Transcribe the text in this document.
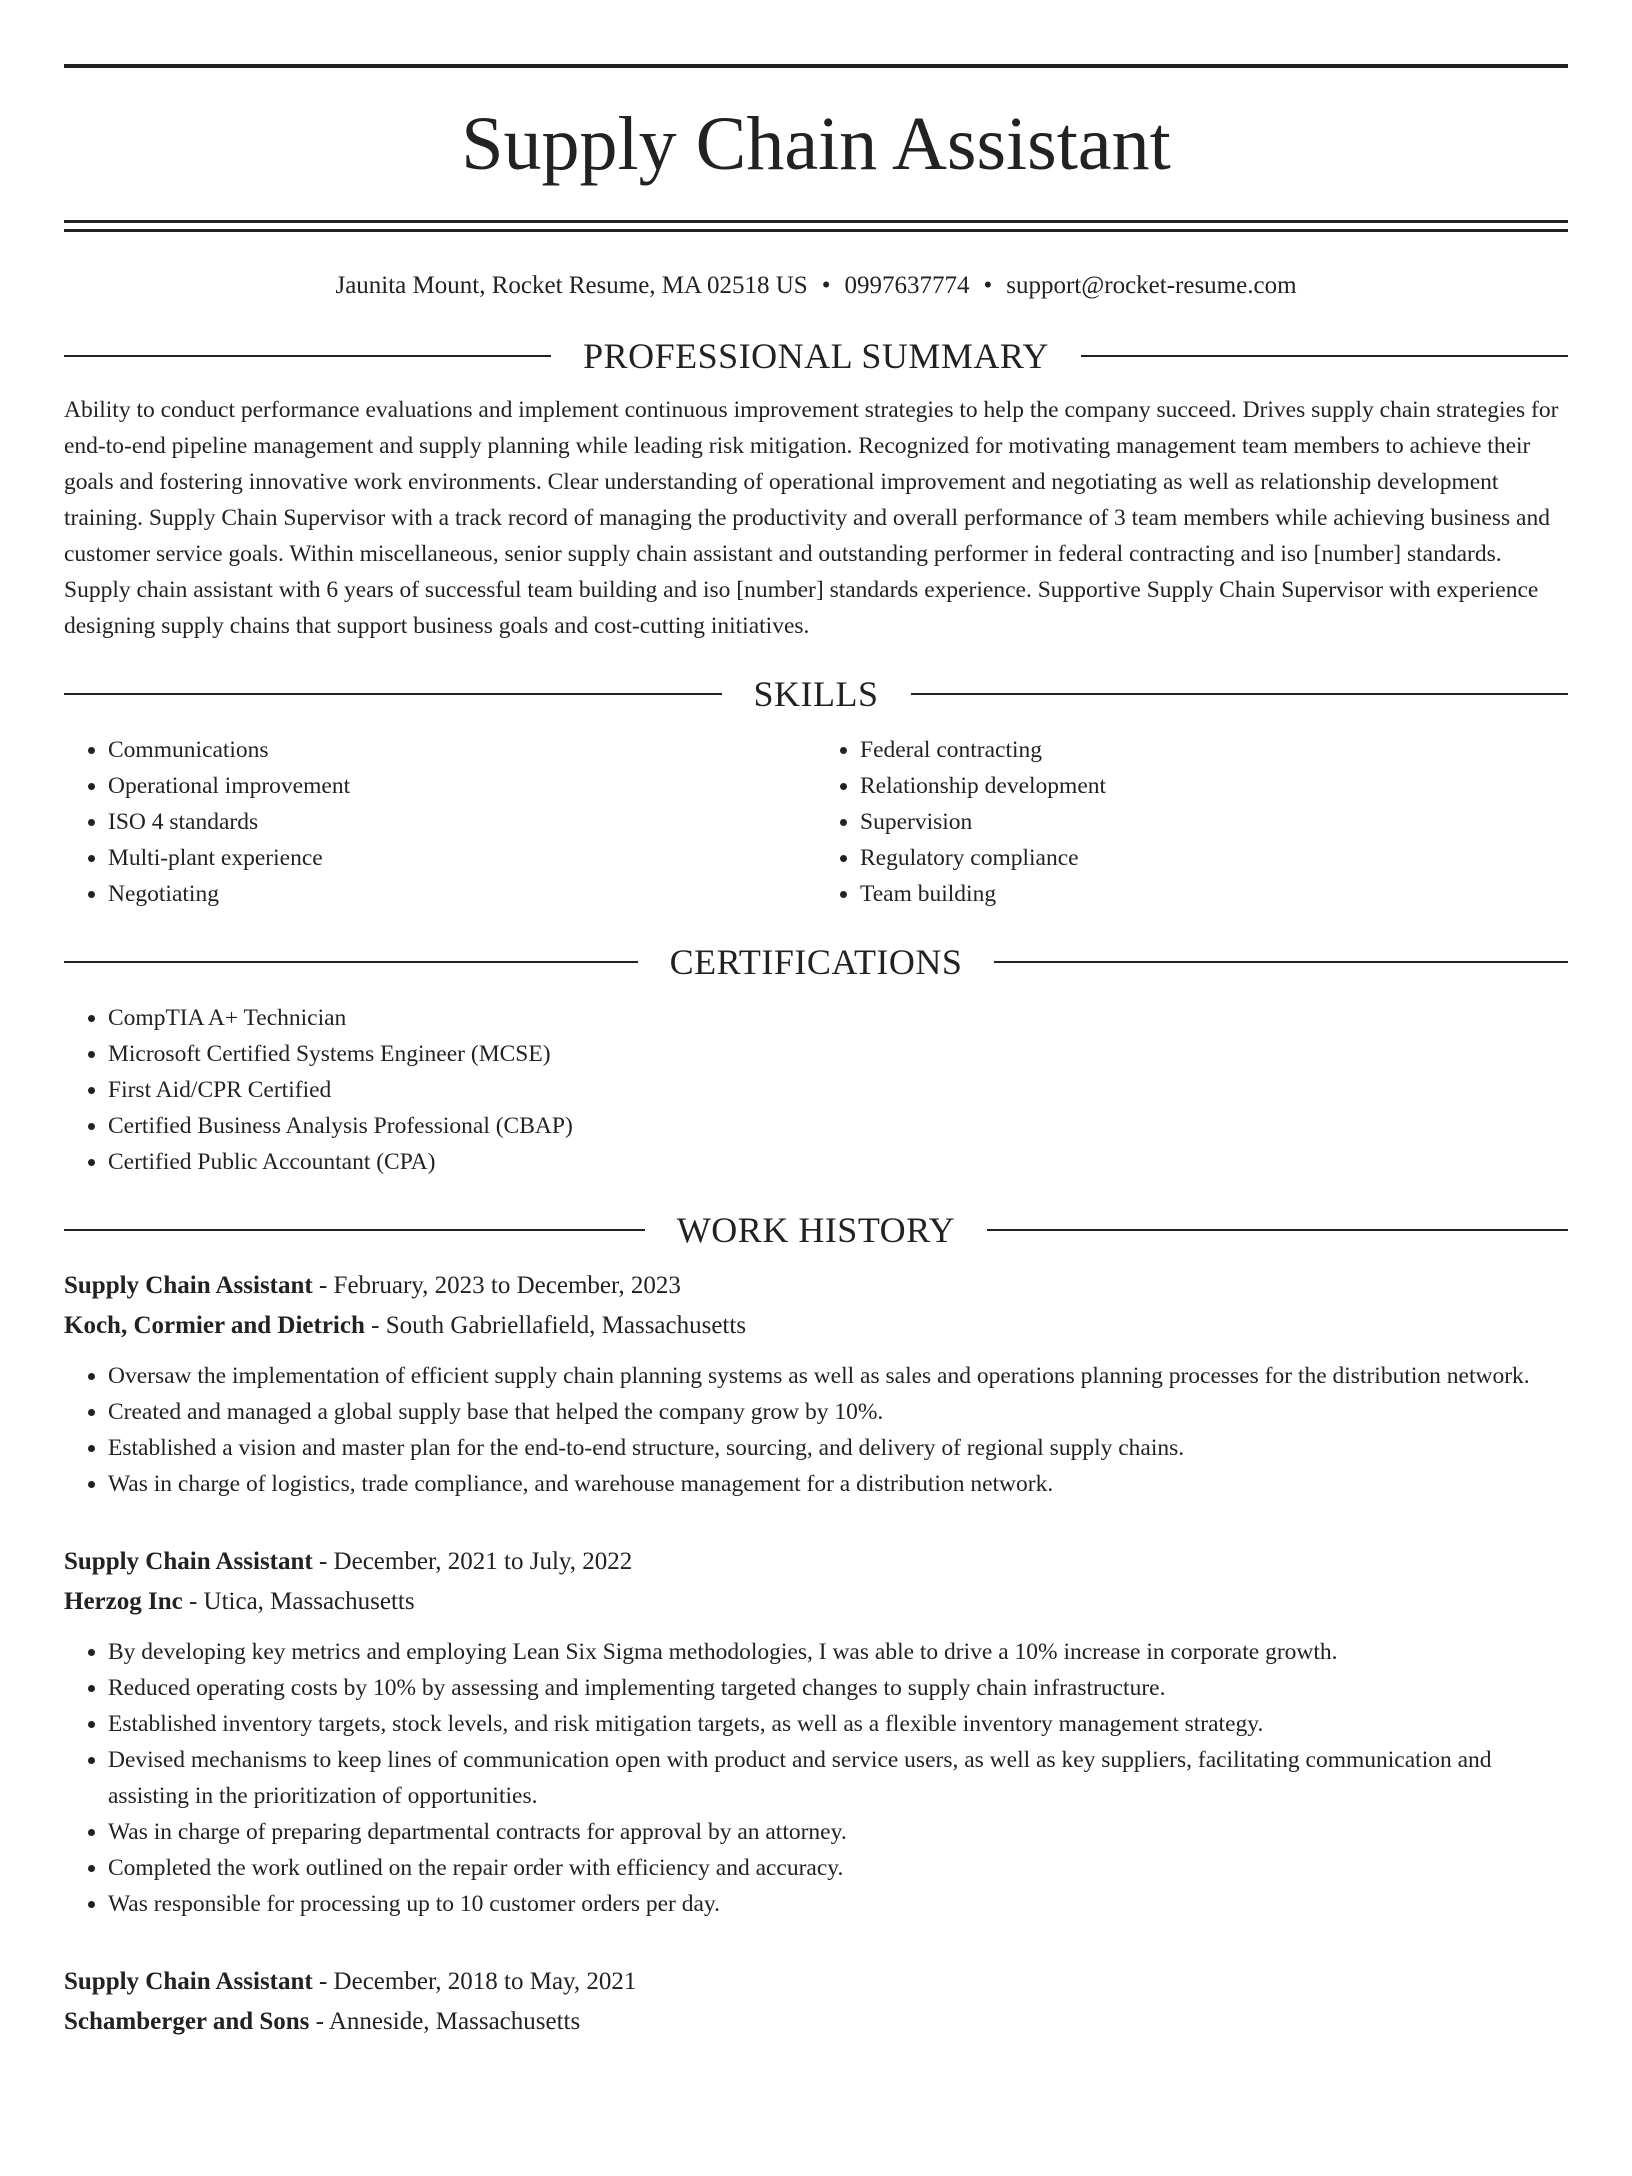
Supply Chain Assistant
Jaunita Mount, Rocket Resume, MA 02518 US • 0997637774 • support@rocket-resume.com
PROFESSIONAL SUMMARY

Ability to conduct performance evaluations and implement continuous improvement strategies to help the company succeed. Drives supply chain strategies for end-to-end pipeline management and supply planning while leading risk mitigation. Recognized for motivating management team members to achieve their goals and fostering innovative work environments. Clear understanding of operational improvement and negotiating as well as relationship development training. Supply Chain Supervisor with a track record of managing the productivity and overall performance of 3 team members while achieving business and customer service goals. Within miscellaneous, senior supply chain assistant and outstanding performer in federal contracting and iso [number] standards. Supply chain assistant with 6 years of successful team building and iso [number] standards experience. Supportive Supply Chain Supervisor with experience designing supply chains that support business goals and cost-cutting initiatives.

SKILLS
• Communications
• Operational improvement
• ISO 4 standards
• Multi-plant experience
• Negotiating
• Federal contracting
• Relationship development
• Supervision
• Regulatory compliance
• Team building
CERTIFICATIONS
• CompTIA A+ Technician
• Microsoft Certified Systems Engineer (MCSE)
• First Aid/CPR Certified
• Certified Business Analysis Professional (CBAP)
• Certified Public Accountant (CPA)
WORK HISTORY
Supply Chain Assistant - February, 2023 to December, 2023
Koch, Cormier and Dietrich - South Gabriellafield, Massachusetts
• Oversaw the implementation of efficient supply chain planning systems as well as sales and operations planning processes for the distribution network.
• Created and managed a global supply base that helped the company grow by 10%.
• Established a vision and master plan for the end-to-end structure, sourcing, and delivery of regional supply chains.
• Was in charge of logistics, trade compliance, and warehouse management for a distribution network.
Supply Chain Assistant - December, 2021 to July, 2022
Herzog Inc - Utica, Massachusetts
• By developing key metrics and employing Lean Six Sigma methodologies, I was able to drive a 10% increase in corporate growth.
• Reduced operating costs by 10% by assessing and implementing targeted changes to supply chain infrastructure.
• Established inventory targets, stock levels, and risk mitigation targets, as well as a flexible inventory management strategy.
• Devised mechanisms to keep lines of communication open with product and service users, as well as key suppliers, facilitating communication and assisting in the prioritization of opportunities.
• Was in charge of preparing departmental contracts for approval by an attorney.
• Completed the work outlined on the repair order with efficiency and accuracy.
• Was responsible for processing up to 10 customer orders per day.
Supply Chain Assistant - December, 2018 to May, 2021
Schamberger and Sons - Anneside, Massachusetts
